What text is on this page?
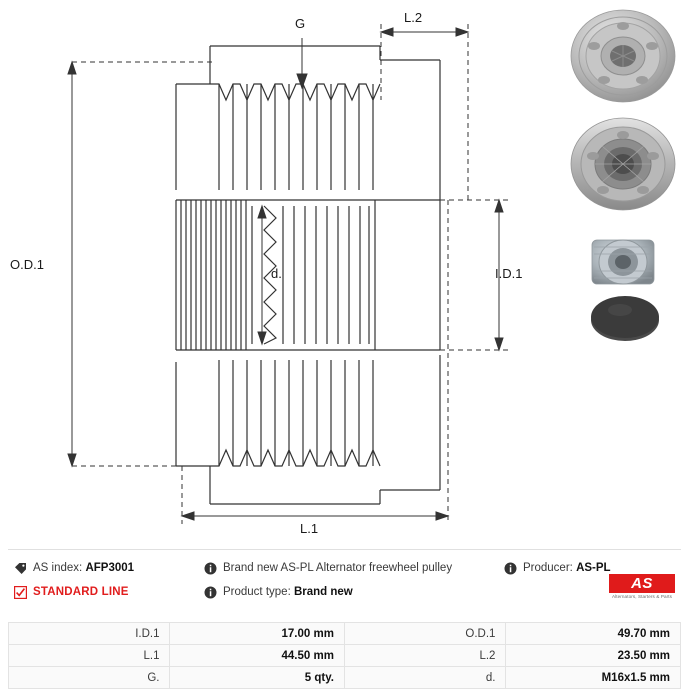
O.D.1
I.D.1
L.1
L.2
G
d.
AS index:
AFP3001	Brand new AS-PL Alternator freewheel pulley	Producer:
AS-PL
STANDARD LINE	Product type:
Brand new	AS
Alternators, Starters & Parts
I.D.1	17.00 mm	O.D.1	49.70 mm
L.1	44.50 mm	L.2	23.50 mm
G.	5 qty.	d.	M16x1.5 mm
